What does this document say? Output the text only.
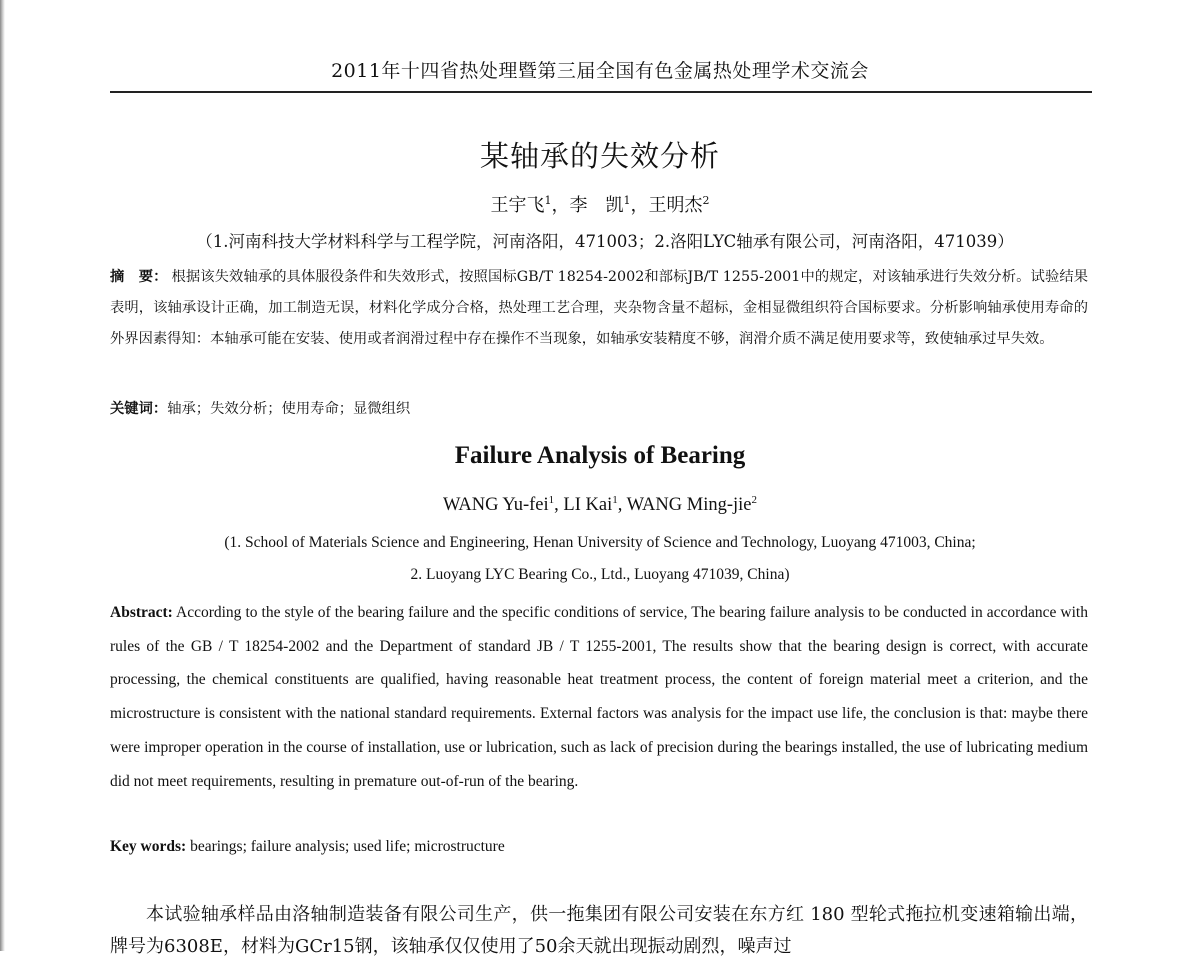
2011年十四省热处理暨第三届全国有色金属热处理学术交流会
某轴承的失效分析
王宇飞$^1$，李　凯$^1$，王明杰$^2$
（1.河南科技大学材料科学与工程学院，河南洛阳，471003；2.洛阳LYC轴承有限公司，河南洛阳，471039）
摘　要： 根据该失效轴承的具体服役条件和失效形式，按照国标GB/T 18254-2002和部标JB/T 1255-2001中的规定，对该轴承进行失效分析。试验结果表明，该轴承设计正确，加工制造无误，材料化学成分合格，热处理工艺合理，夹杂物含量不超标，金相显微组织符合国标要求。分析影响轴承使用寿命的外界因素得知：本轴承可能在安装、使用或者润滑过程中存在操作不当现象，如轴承安装精度不够，润滑介质不满足使用要求等，致使轴承过早失效。
关键词：轴承；失效分析；使用寿命；显微组织
Failure Analysis of Bearing
WANG Yu-fei$^1$, LI Kai$^1$, WANG Ming-jie$^2$
(1. School of Materials Science and Engineering, Henan University of Science and Technology, Luoyang 471003, China;
2. Luoyang LYC Bearing Co., Ltd., Luoyang 471039, China)
Abstract: According to the style of the bearing failure and the specific conditions of service, The bearing failure analysis to be conducted in accordance with rules of the GB / T 18254-2002 and the Department of standard JB / T 1255-2001, The results show that the bearing design is correct, with accurate processing, the chemical constituents are qualified, having reasonable heat treatment process, the content of foreign material meet a criterion, and the microstructure is consistent with the national standard requirements. External factors was analysis for the impact use life, the conclusion is that: maybe there were improper operation in the course of installation, use or lubrication, such as lack of precision during the bearings installed, the use of lubricating medium did not meet requirements, resulting in premature out-of-run of the bearing.
Key words: bearings; failure analysis; used life; microstructure
本试验轴承样品由洛轴制造装备有限公司生产，供一拖集团有限公司安装在东方红 180 型轮式拖拉机变速箱输出端，牌号为6308E，材料为GCr15钢，该轴承仅仅使用了50余天就出现振动剧烈，噪声过
